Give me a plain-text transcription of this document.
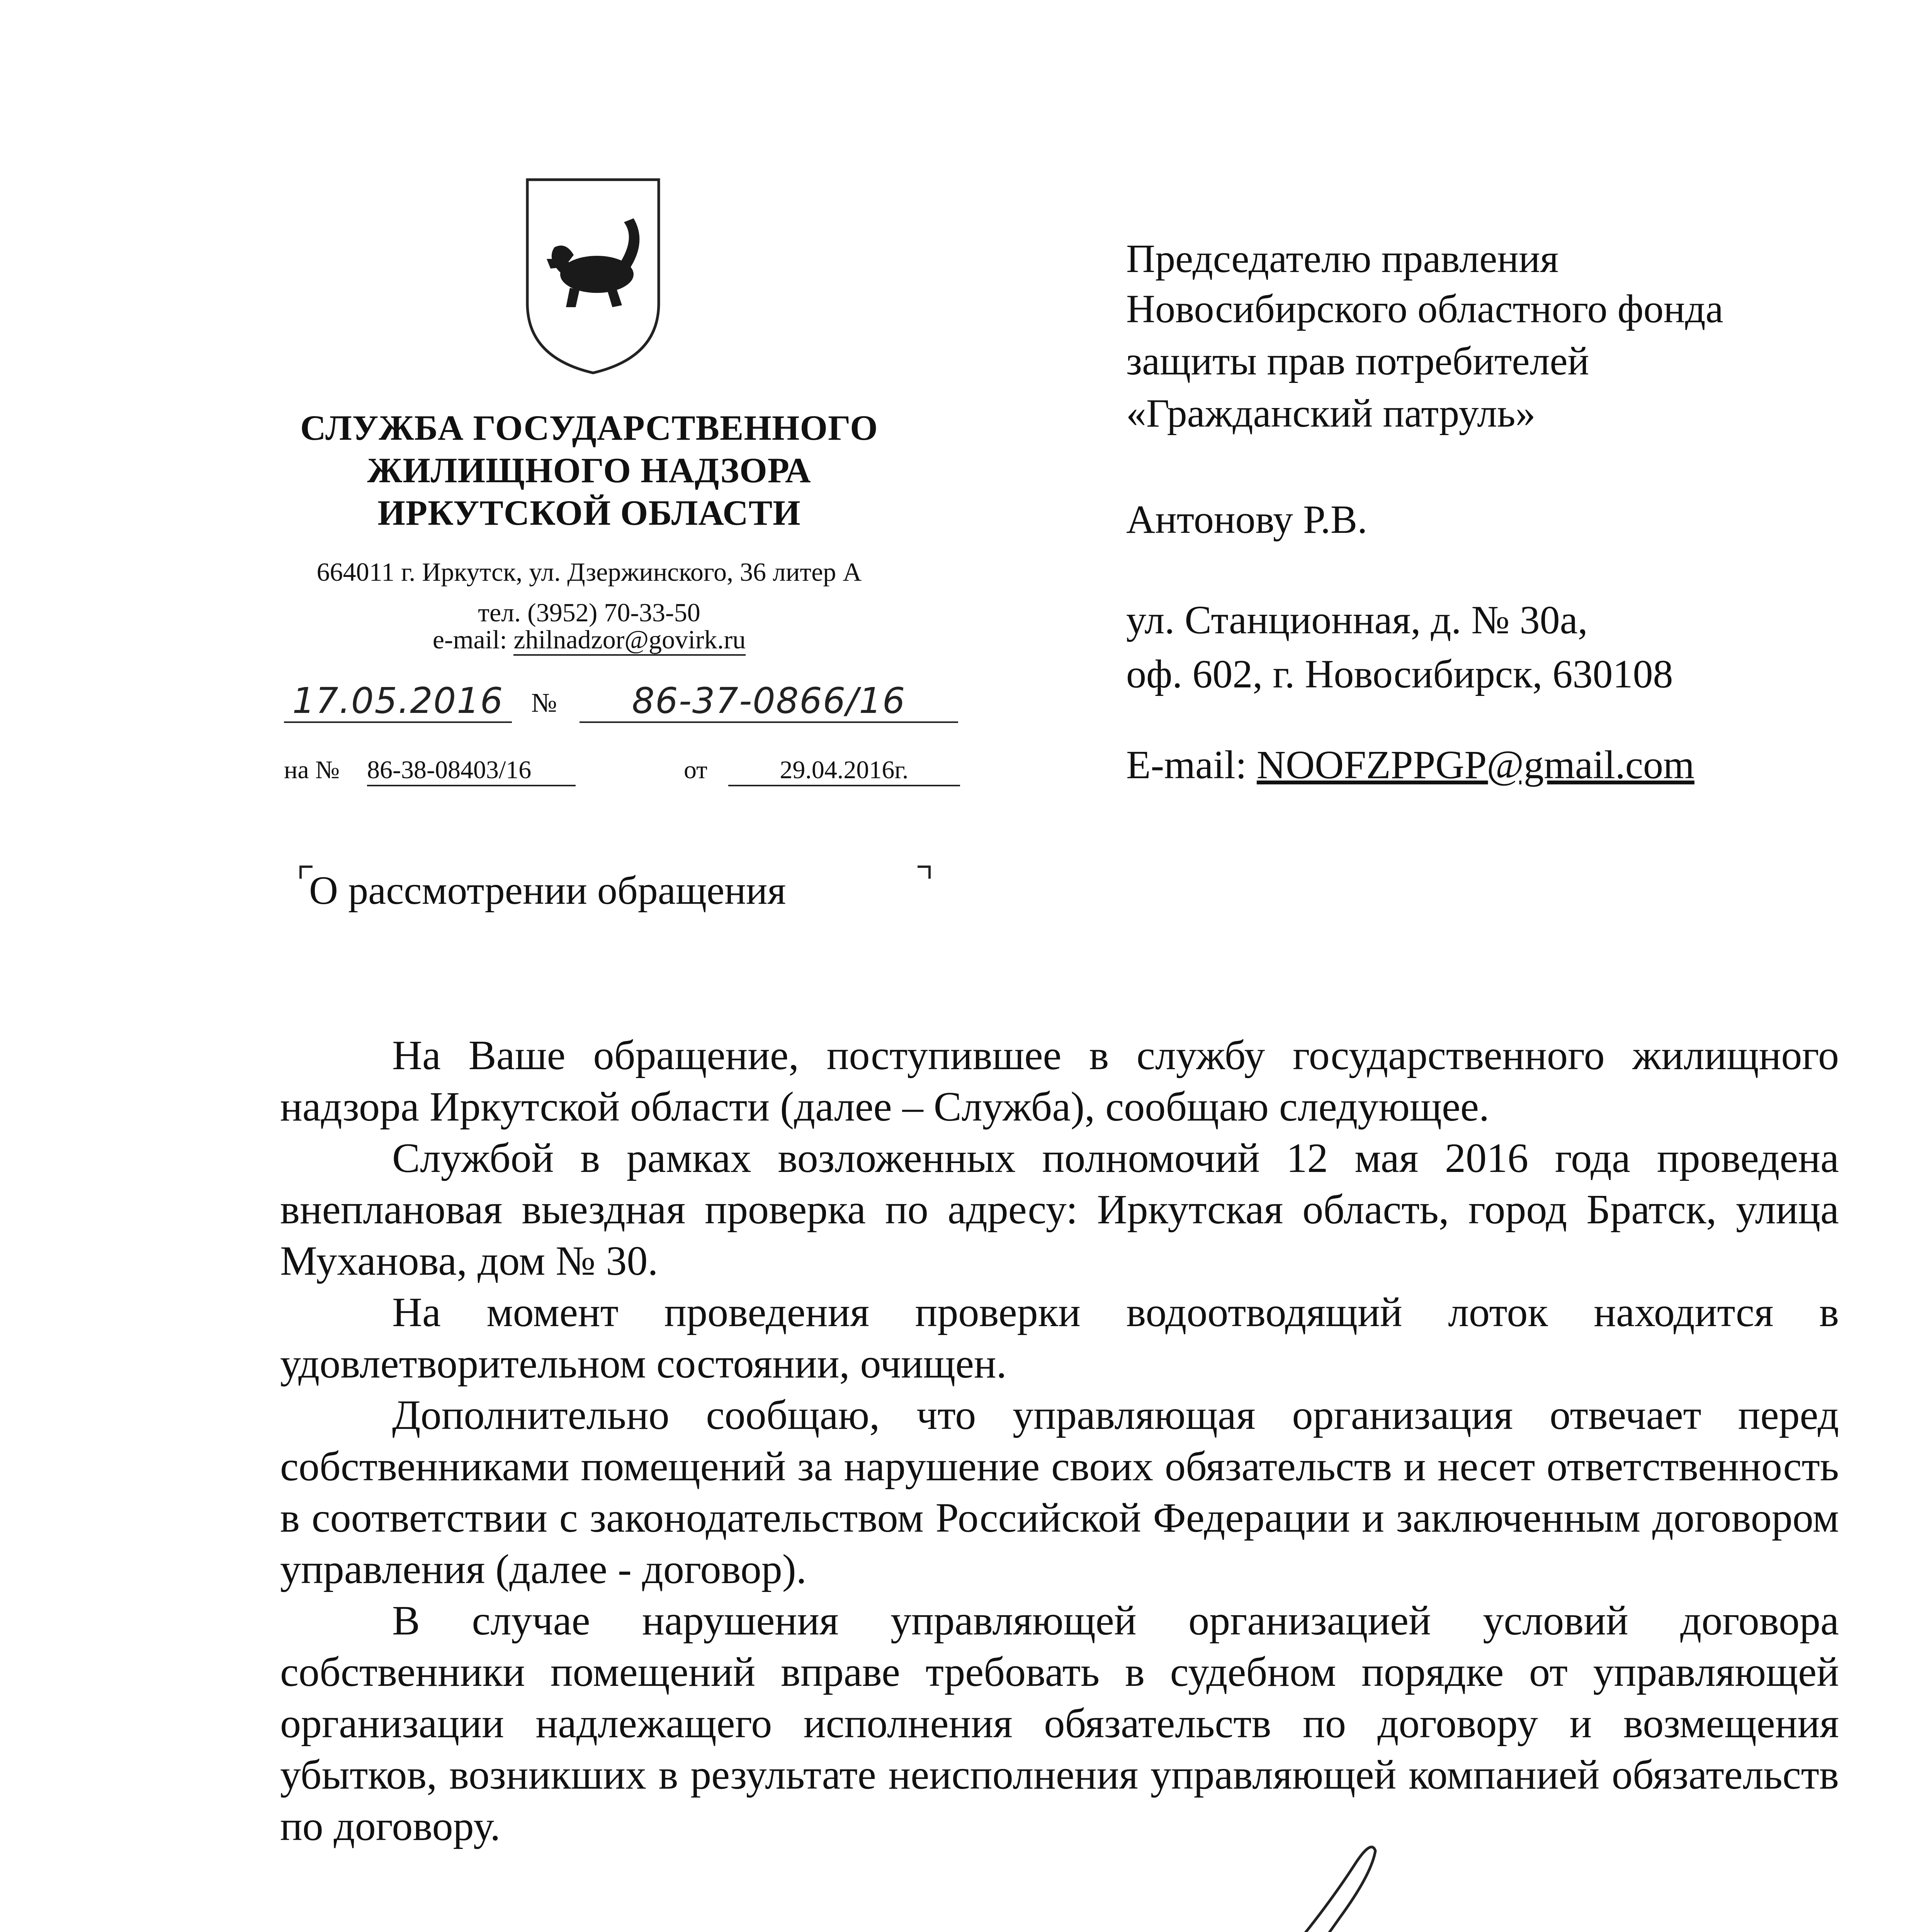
СЛУЖБА ГОСУДАРСТВЕННОГО
ЖИЛИЩНОГО НАДЗОРА
ИРКУТСКОЙ ОБЛАСТИ
664011 г. Иркутск, ул. Дзержинского, 36 литер А
тел. (3952) 70-33-50
e-mail: zhilnadzor@govirk.ru
17.05.2016	№	86-37-0866/16
на № 86-38-08403/16	от	29.04.2016г.
Председателю правления
Новосибирского областного фонда
защиты прав потребителей
«Гражданский патруль»
Антонову Р.В.
ул. Станционная, д. № 30а,
оф. 602, г. Новосибирск, 630108
E-mail: NOOFZPPGP@gmail.com
О рассмотрении обращения

На Ваше обращение, поступившее в службу государственного жилищного надзора Иркутской области (далее – Служба), сообщаю следующее.

Службой в рамках возложенных полномочий 12 мая 2016 года проведена внеплановая выездная проверка по адресу: Иркутская область, город Братск, улица Муханова, дом № 30.

На момент проведения проверки водоотводящий лоток находится в удовлетворительном состоянии, очищен.

Дополнительно сообщаю, что управляющая организация отвечает перед собственниками помещений за нарушение своих обязательств и несет ответственность в соответствии с законодательством Российской Федерации и заключенным договором управления (далее - договор).

В случае нарушения управляющей организацией условий договора собственники помещений вправе требовать в судебном порядке от управляющей организации надлежащего исполнения обязательств по договору и возмещения убытков, возникших в результате неисполнения управляющей компанией обязательств по договору.
